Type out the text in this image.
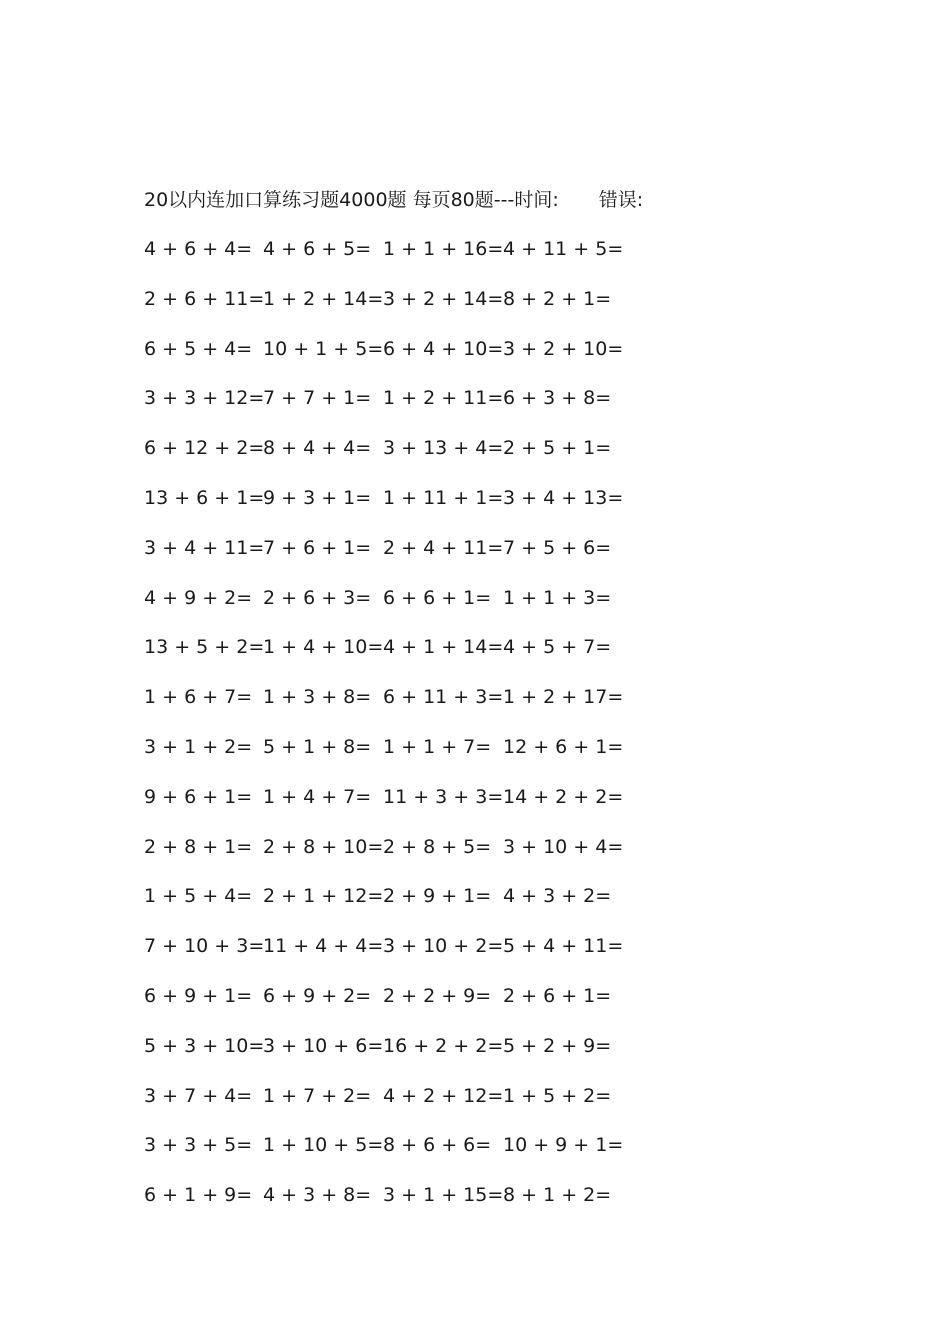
20以内连加口算练习题4000题 每页80题---时间: 错误:
4 + 6 + 4= 4 + 6 + 5= 1 + 1 + 16= 4 + 11 + 5=
2 + 6 + 11=
1 + 2 + 14= 3 + 2 + 14= 8 + 2 + 1=
6 + 5 + 4= 10 + 1 + 5= 6 + 4 + 10= 3 + 2 + 10=
3 + 3 + 12=
7 + 7 + 1= 1 + 2 + 11= 6 + 3 + 8=
6 + 12 + 2=
8 + 4 + 4= 3 + 13 + 4= 2 + 5 + 1=
13 + 6 + 1=
9 + 3 + 1= 1 + 11 + 1= 3 + 4 + 13=
3 + 4 + 11=
7 + 6 + 1= 2 + 4 + 11= 7 + 5 + 6=
4 + 9 + 2= 2 + 6 + 3= 6 + 6 + 1= 1 + 1 + 3=
13 + 5 + 2=
1 + 4 + 10= 4 + 1 + 14= 4 + 5 + 7=
1 + 6 + 7= 1 + 3 + 8= 6 + 11 + 3= 1 + 2 + 17=
3 + 1 + 2= 5 + 1 + 8= 1 + 1 + 7= 12 + 6 + 1=
9 + 6 + 1= 1 + 4 + 7= 11 + 3 + 3= 14 + 2 + 2=
2 + 8 + 1= 2 + 8 + 10= 2 + 8 + 5= 3 + 10 + 4=
1 + 5 + 4= 2 + 1 + 12= 2 + 9 + 1= 4 + 3 + 2=
7 + 10 + 3=
11 + 4 + 4= 3 + 10 + 2= 5 + 4 + 11=
6 + 9 + 1= 6 + 9 + 2= 2 + 2 + 9= 2 + 6 + 1=
5 + 3 + 10=
3 + 10 + 6= 16 + 2 + 2= 5 + 2 + 9=
3 + 7 + 4= 1 + 7 + 2= 4 + 2 + 12= 1 + 5 + 2=
3 + 3 + 5= 1 + 10 + 5= 8 + 6 + 6= 10 + 9 + 1=
6 + 1 + 9= 4 + 3 + 8= 3 + 1 + 15= 8 + 1 + 2=
